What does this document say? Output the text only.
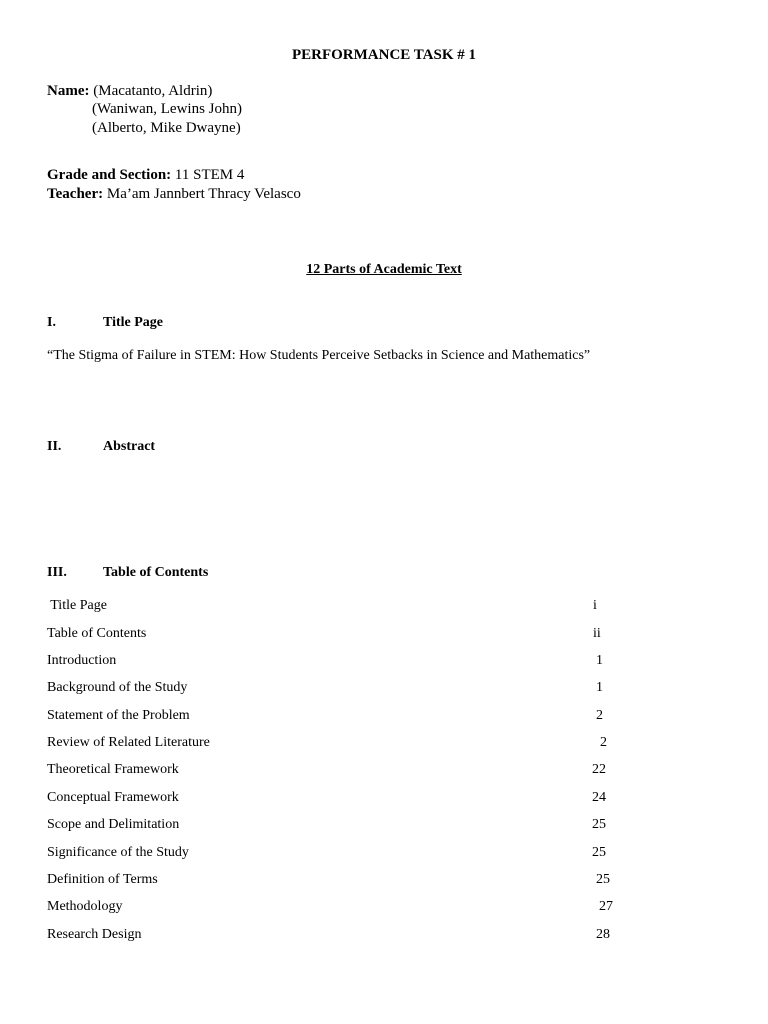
PERFORMANCE TASK # 1
Name: (Macatanto, Aldrin)
(Waniwan, Lewins John)
(Alberto, Mike Dwayne)
Grade and Section: 11 STEM 4
Teacher: Ma’am Jannbert Thracy Velasco
12 Parts of Academic Text
I.	Title Page
“The Stigma of Failure in STEM: How Students Perceive Setbacks in Science and Mathematics”
II.	Abstract
III.	Table of Contents
Title Page	i
Table of Contents	ii
Introduction	1
Background of the Study	1
Statement of the Problem	2
Review of Related Literature	2
Theoretical Framework	22
Conceptual Framework	24
Scope and Delimitation	25
Significance of the Study	25
Definition of Terms	25
Methodology	27
Research Design	28
